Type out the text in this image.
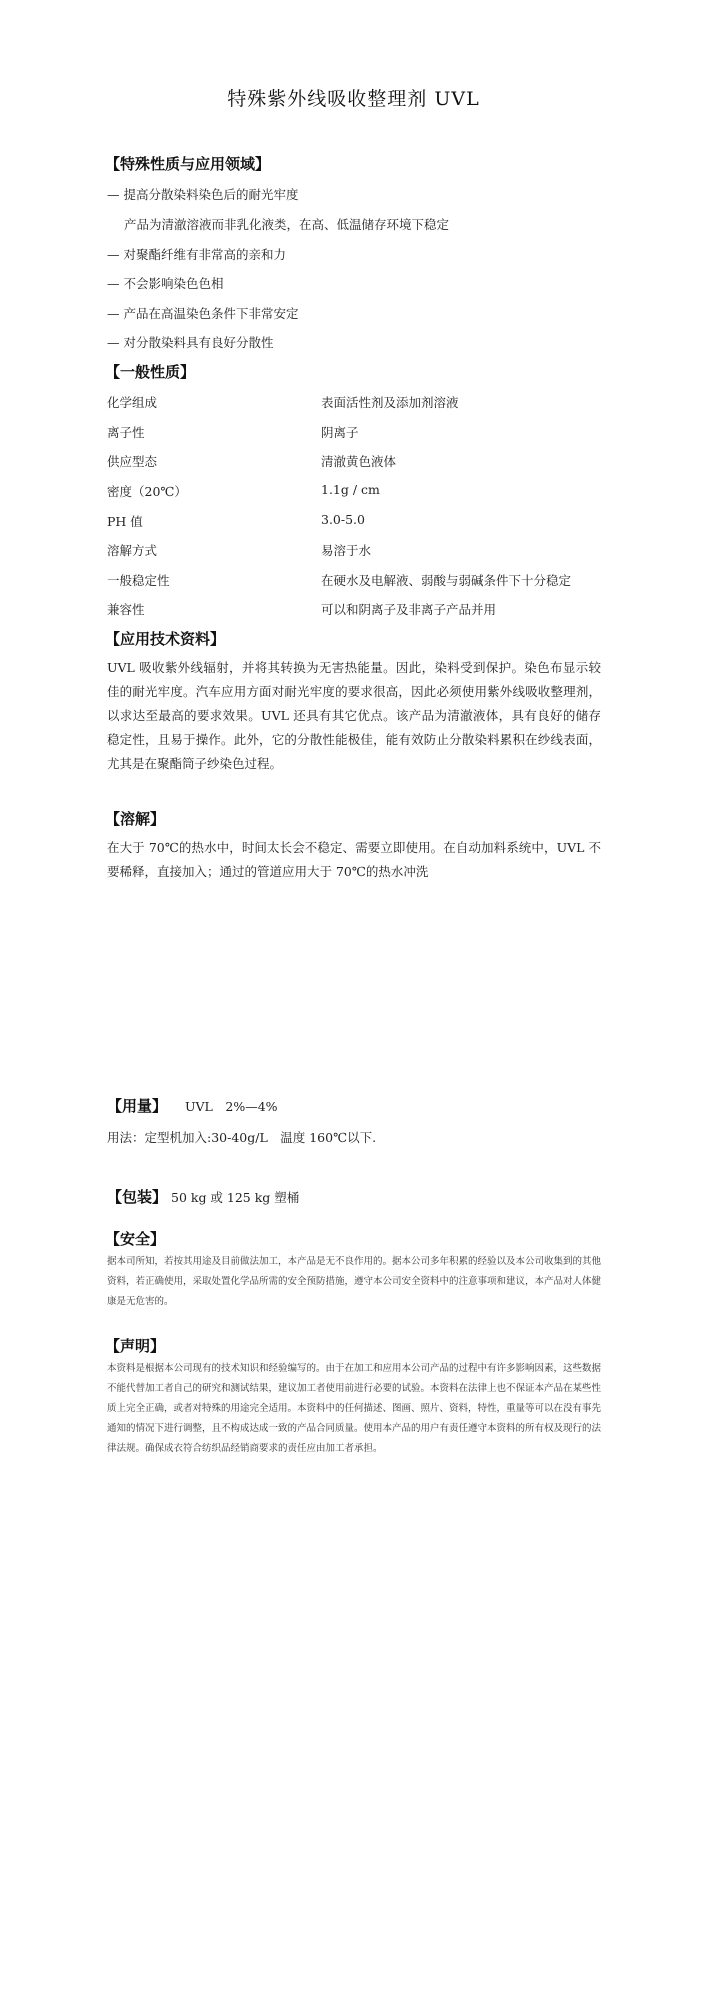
特殊紫外线吸收整理剂 UVL
【特殊性质与应用领域】
— 提高分散染料染色后的耐光牢度
产品为清澈溶液而非乳化液类，在高、低温储存环境下稳定
— 对聚酯纤维有非常高的亲和力
— 不会影响染色色相
— 产品在高温染色条件下非常安定
— 对分散染料具有良好分散性
【一般性质】
化学组成	表面活性剂及添加剂溶液
离子性	阴离子
供应型态	清澈黄色液体
密度（20℃）	1.1g / cm
PH 值	3.0-5.0
溶解方式	易溶于水
一般稳定性	在硬水及电解液、弱酸与弱碱条件下十分稳定
兼容性	可以和阴离子及非离子产品并用
【应用技术资料】
UVL 吸收紫外线辐射，并将其转换为无害热能量。因此，染料受到保护。染色布显示较佳的耐光牢度。汽车应用方面对耐光牢度的要求很高，因此必须使用紫外线吸收整理剂，以求达至最高的要求效果。UVL 还具有其它优点。该产品为清澈液体，具有良好的储存稳定性，且易于操作。此外，它的分散性能极佳，能有效防止分散染料累积在纱线表面，尤其是在聚酯筒子纱染色过程。
【溶解】
在大于 70℃的热水中，时间太长会不稳定、需要立即使用。在自动加料系统中，UVL 不要稀释，直接加入；通过的管道应用大于 70℃的热水冲洗
【用量】 UVL　2%—4%
用法：定型机加入:30-40g/L　温度 160℃以下.
【包装】 50 kg 或 125 kg 塑桶
【安全】
据本司所知，若按其用途及目前做法加工，本产品是无不良作用的。据本公司多年积累的经验以及本公司收集到的其他资料，若正确使用，采取处置化学品所需的安全预防措施，遵守本公司安全资料中的注意事项和建议，本产品对人体健康是无危害的。
【声明】
本资料是根据本公司现有的技术知识和经验编写的。由于在加工和应用本公司产品的过程中有许多影响因素，这些数据不能代替加工者自己的研究和测试结果，建议加工者使用前进行必要的试验。本资料在法律上也不保证本产品在某些性质上完全正确，或者对特殊的用途完全适用。本资料中的任何描述、图画、照片、资料，特性，重量等可以在没有事先通知的情况下进行调整，且不构成达成一致的产品合同质量。使用本产品的用户有责任遵守本资料的所有权及现行的法律法规。确保成衣符合纺织品经销商要求的责任应由加工者承担。
